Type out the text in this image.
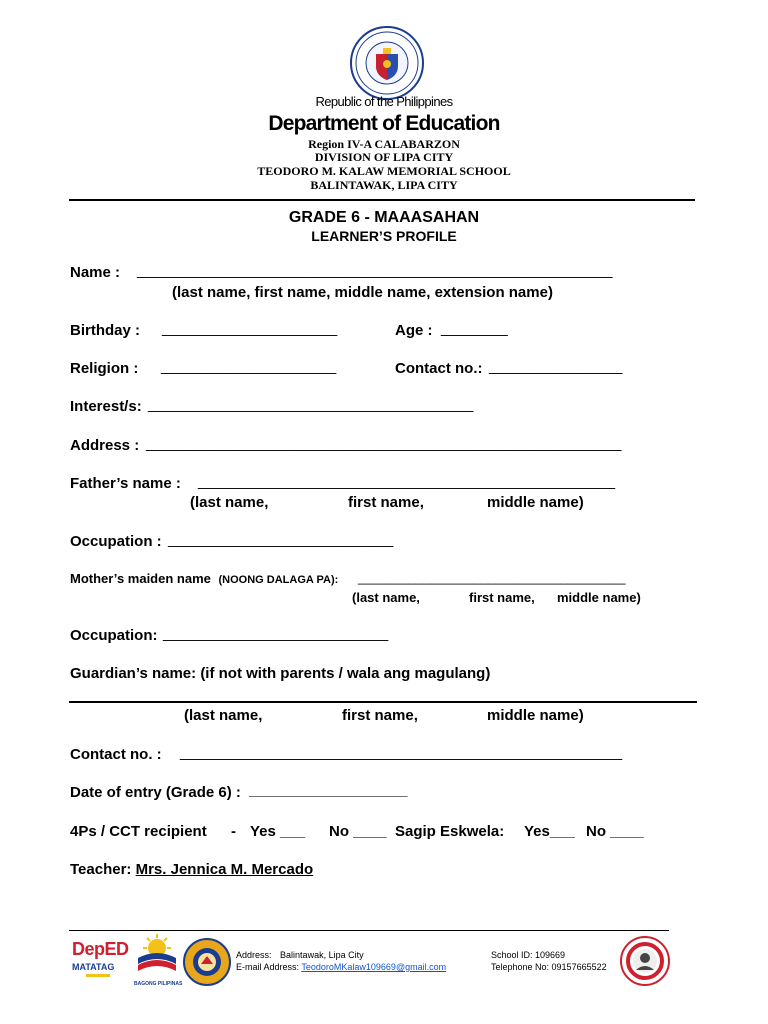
Republic of the Philippines
Department of Education
Region IV-A CALABARZON
DIVISION OF LIPA CITY
TEODORO M. KALAW MEMORIAL SCHOOL
BALINTAWAK, LIPA CITY
GRADE 6 - MAAASAHAN
LEARNER’S PROFILE
Name : _________________________________________________________
(last name, first name, middle name, extension name)
Birthday : _____________________	Age : ________
Religion : _____________________	Contact no.: ________________
Interest/s: _______________________________________
Address : _________________________________________________________
Father’s name : __________________________________________________
(last name,	first name,	middle name)
Occupation : ___________________________
Mother’s maiden name (NOONG DALAGA PA): _____________________________________
(last name,	first name, middle name)
Occupation: ___________________________
Guardian’s name: (if not with parents / wala ang magulang)
(last name,	first name,	middle name)
Contact no. : _____________________________________________________
Date of entry (Grade 6) : ___________________
4Ps / CCT recipient - Yes ___ No ____ Sagip Eskwela: Yes___ No ____
Teacher: Mrs. Jennica M. Mercado
DepED
MATATAG
BAGONG PILIPINAS
Address: Balintawak, Lipa City
E-mail Address: TeodoroMKalaw109669@gmail.com
School ID: 109669
Telephone No: 09157665522
